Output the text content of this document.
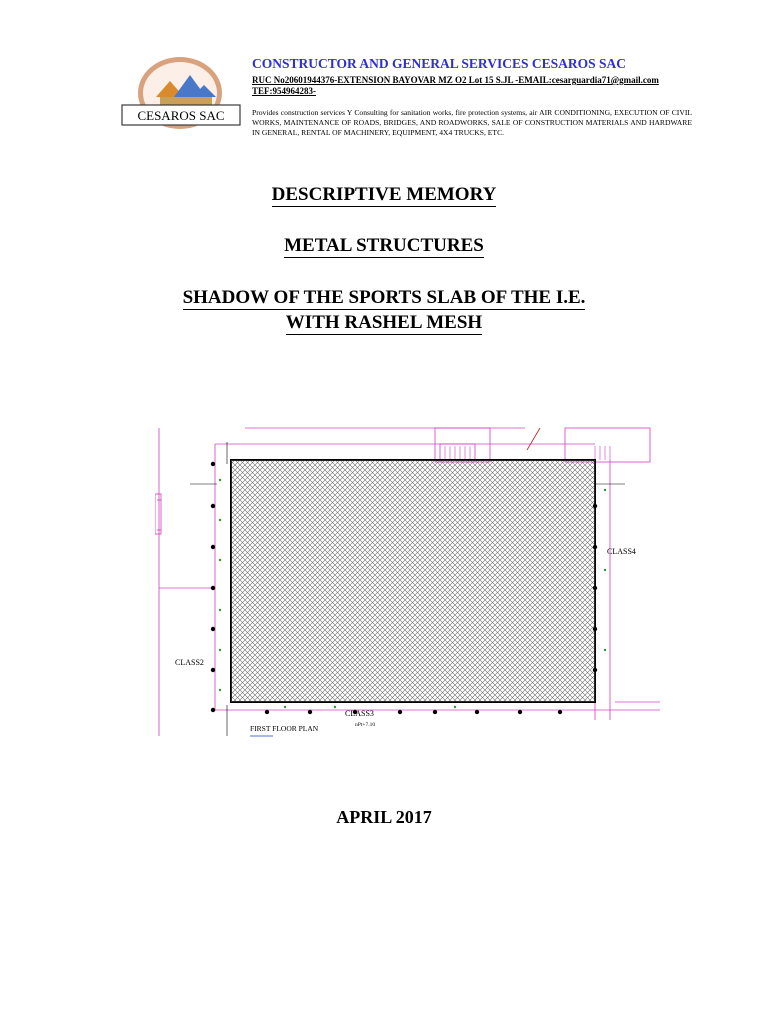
CESAROS SAC
CONSTRUCTOR AND GENERAL SERVICES CESAROS SAC
RUC No20601944376-EXTENSION BAYOVAR MZ O2 Lot 15 S.JL -EMAIL:cesarguardia71@gmail.com
TEF:954964283-
Provides construction services Y Consulting for sanitation works, fire protection systems, air AIR CONDITIONING, EXECUTION OF CIVIL WORKS, MAINTENANCE OF ROADS, BRIDGES, AND ROADWORKS, SALE OF CONSTRUCTION MATERIALS AND HARDWARE IN GENERAL, RENTAL OF MACHINERY, EQUIPMENT, 4X4 TRUCKS, ETC.
DESCRIPTIVE MEMORY
METAL STRUCTURES
SHADOW OF THE SPORTS SLAB OF THE I.E.
WITH RASHEL MESH
CLASS2
CLASS4
CLASS3
nPt+7.10
FIRST FLOOR PLAN
APRIL 2017
